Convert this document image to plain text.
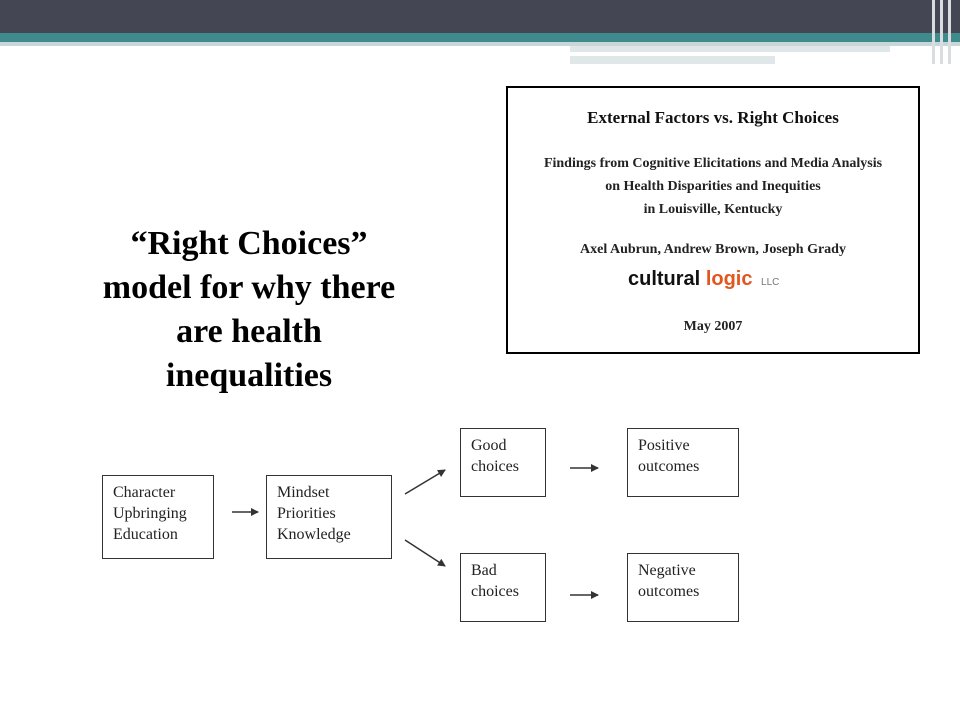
“Right Choices”
model for why there
are health
inequalities
External Factors vs. Right Choices
Findings from Cognitive Elicitations and Media Analysis
on Health Disparities and Inequities
in Louisville, Kentucky
Axel Aubrun, Andrew Brown, Joseph Grady
cultural logic LLC
May 2007
Character
Upbringing
Education
Mindset
Priorities
Knowledge
Good
choices
Bad
choices
Positive
outcomes
Negative
outcomes
